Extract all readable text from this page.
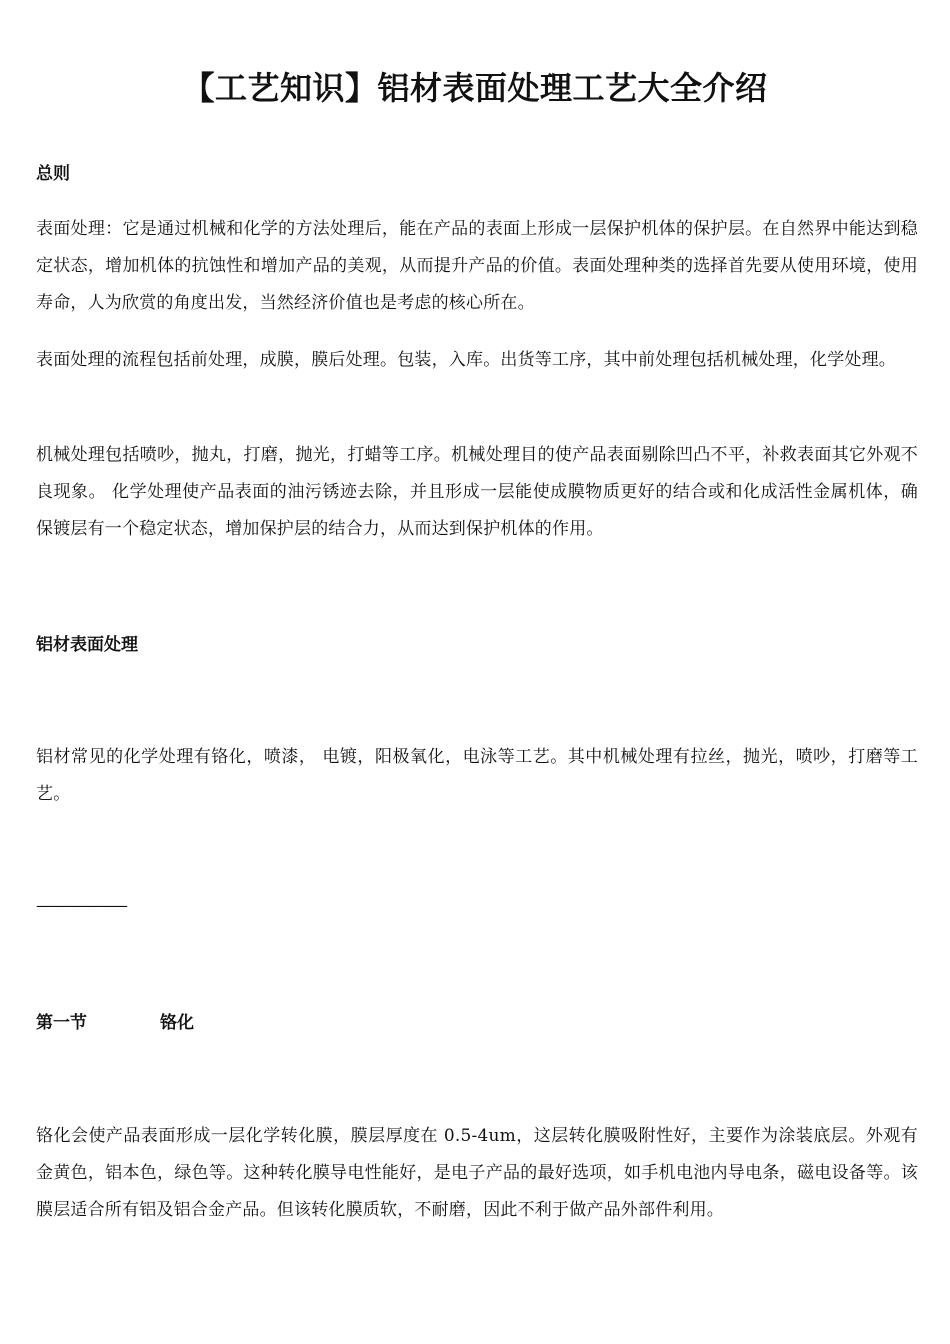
【工艺知识】铝材表面处理工艺大全介绍
总则
表面处理：它是通过机械和化学的方法处理后，能在产品的表面上形成一层保护机体的保护层。在自然界中能达到稳定状态，增加机体的抗蚀性和增加产品的美观，从而提升产品的价值。表面处理种类的选择首先要从使用环境，使用寿命，人为欣赏的角度出发，当然经济价值也是考虑的核心所在。
表面处理的流程包括前处理，成膜，膜后处理。包装，入库。出货等工序，其中前处理包括机械处理，化学处理。
机械处理包括喷吵，抛丸，打磨，抛光，打蜡等工序。机械处理目的使产品表面剔除凹凸不平，补救表面其它外观不良现象。 化学处理使产品表面的油污锈迹去除，并且形成一层能使成膜物质更好的结合或和化成活性金属机体，确保镀层有一个稳定状态，增加保护层的结合力，从而达到保护机体的作用。
铝材表面处理
铝材常见的化学处理有铬化，喷漆， 电镀，阳极氧化，电泳等工艺。其中机械处理有拉丝，抛光，喷吵，打磨等工艺。
——————
第一节	铬化
铬化会使产品表面形成一层化学转化膜，膜层厚度在 0.5-4um，这层转化膜吸附性好，主要作为涂装底层。外观有金黄色，铝本色，绿色等。这种转化膜导电性能好，是电子产品的最好选项，如手机电池内导电条，磁电设备等。该膜层适合所有铝及铝合金产品。但该转化膜质软，不耐磨，因此不利于做产品外部件利用。
